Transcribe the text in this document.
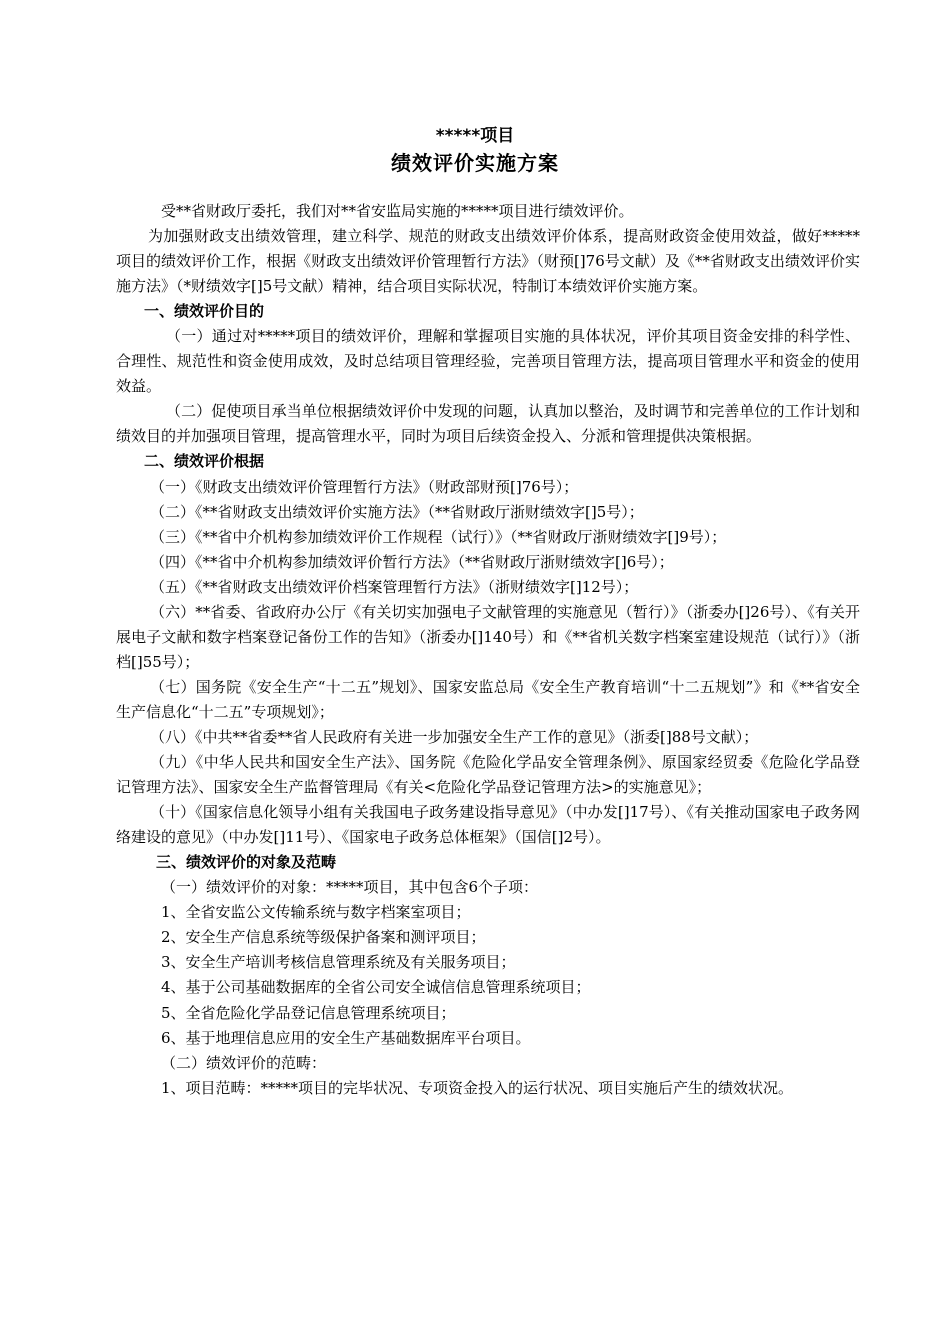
*****项目
绩效评价实施方案

受**省财政厅委托，我们对**省安监局实施的*****项目进行绩效评价。

为加强财政支出绩效管理，建立科学、规范的财政支出绩效评价体系，提高财政资金使用效益，做好*****项目的绩效评价工作，根据《财政支出绩效评价管理暂行方法》（财预[]76号文献）及《**省财政支出绩效评价实施方法》（*财绩效字[]5号文献）精神，结合项目实际状况，特制订本绩效评价实施方案。

一、绩效评价目的

（一）通过对*****项目的绩效评价，理解和掌握项目实施的具体状况，评价其项目资金安排的科学性、合理性、规范性和资金使用成效，及时总结项目管理经验，完善项目管理方法，提高项目管理水平和资金的使用效益。

（二）促使项目承当单位根据绩效评价中发现的问题，认真加以整治，及时调节和完善单位的工作计划和绩效目的并加强项目管理，提高管理水平，同时为项目后续资金投入、分派和管理提供决策根据。

二、绩效评价根据

（一）《财政支出绩效评价管理暂行方法》（财政部财预[]76号）；

（二）《**省财政支出绩效评价实施方法》（**省财政厅浙财绩效字[]5号）；

（三）《**省中介机构参加绩效评价工作规程（试行）》（**省财政厅浙财绩效字[]9号）；

（四）《**省中介机构参加绩效评价暂行方法》（**省财政厅浙财绩效字[]6号）；

（五）《**省财政支出绩效评价档案管理暂行方法》（浙财绩效字[]12号）；

（六）**省委、省政府办公厅《有关切实加强电子文献管理的实施意见（暂行）》（浙委办[]26号）、《有关开展电子文献和数字档案登记备份工作的告知》（浙委办[]140号）和《**省机关数字档案室建设规范（试行）》（浙档[]55号）；

（七）国务院《安全生产“十二五”规划》、国家安监总局《安全生产教育培训“十二五规划”》和《**省安全生产信息化“十二五”专项规划》；

（八）《中共**省委**省人民政府有关进一步加强安全生产工作的意见》（浙委[]88号文献）；

（九）《中华人民共和国安全生产法》、国务院《危险化学品安全管理条例》、原国家经贸委《危险化学品登记管理方法》、国家安全生产监督管理局《有关<危险化学品登记管理方法>的实施意见》；

（十）《国家信息化领导小组有关我国电子政务建设指导意见》（中办发[]17号）、《有关推动国家电子政务网络建设的意见》（中办发[]11号）、《国家电子政务总体框架》（国信[]2号）。

三、绩效评价的对象及范畴

（一）绩效评价的对象：*****项目，其中包含6个子项：

1、全省安监公文传输系统与数字档案室项目；

2、安全生产信息系统等级保护备案和测评项目；

3、安全生产培训考核信息管理系统及有关服务项目；

4、基于公司基础数据库的全省公司安全诚信信息管理系统项目；

5、全省危险化学品登记信息管理系统项目；

6、基于地理信息应用的安全生产基础数据库平台项目。

（二）绩效评价的范畴：

1、项目范畴：*****项目的完毕状况、专项资金投入的运行状况、项目实施后产生的绩效状况。
